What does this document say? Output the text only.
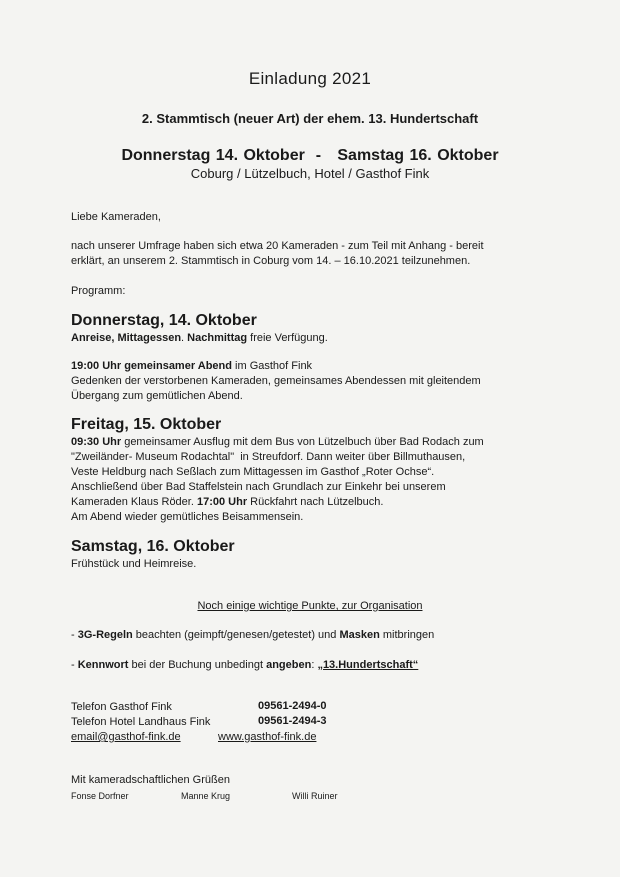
Einladung 2021
2. Stammtisch (neuer Art) der ehem. 13. Hundertschaft
Donnerstag 14. Oktober  -   Samstag 16. Oktober
Coburg / Lützelbuch, Hotel / Gasthof Fink
Liebe Kameraden,
nach unserer Umfrage haben sich etwa 20 Kameraden - zum Teil mit Anhang - bereit
erklärt, an unserem 2. Stammtisch in Coburg vom 14. – 16.10.2021 teilzunehmen.
Programm:
Donnerstag, 14. Oktober
Anreise, Mittagessen. Nachmittag freie Verfügung.
19:00 Uhr gemeinsamer Abend im Gasthof Fink
Gedenken der verstorbenen Kameraden, gemeinsames Abendessen mit gleitendem
Übergang zum gemütlichen Abend.
Freitag, 15. Oktober
09:30 Uhr gemeinsamer Ausflug mit dem Bus von Lützelbuch über Bad Rodach zum
"Zweiländer- Museum Rodachtal"  in Streufdorf. Dann weiter über Billmuthausen,
Veste Heldburg nach Seßlach zum Mittagessen im Gasthof „Roter Ochse“.
Anschließend über Bad Staffelstein nach Grundlach zur Einkehr bei unserem
Kameraden Klaus Röder. 17:00 Uhr Rückfahrt nach Lützelbuch.
Am Abend wieder gemütliches Beisammensein.
Samstag, 16. Oktober
Frühstück und Heimreise.
Noch einige wichtige Punkte, zur Organisation
- 3G-Regeln beachten (geimpft/genesen/getestet) und Masken mitbringen
- Kennwort bei der Buchung unbedingt angeben: „13.Hundertschaft“
Telefon Gasthof Fink	09561-2494-0
Telefon Hotel Landhaus Fink	09561-2494-3
email@gasthof-fink.de	www.gasthof-fink.de
Mit kameradschaftlichen Grüßen
Fonse Dorfner	Manne Krug	Willi Ruiner
